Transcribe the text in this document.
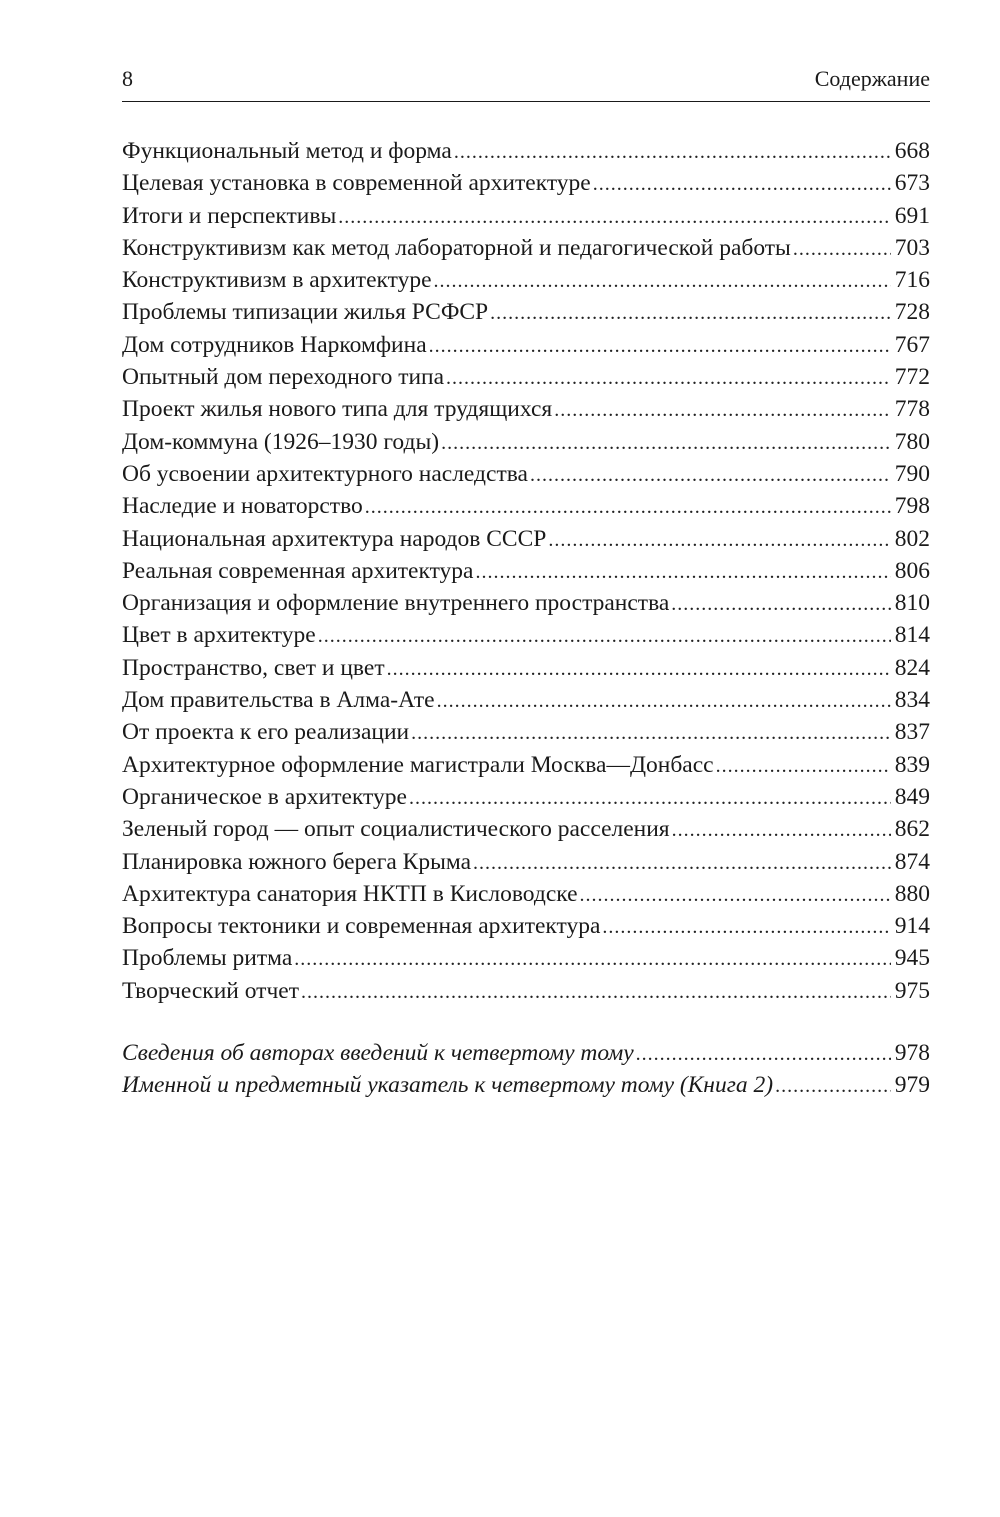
8	Содержание
Функциональный метод и форма .....	668
Целевая установка в современной архитектуре .....	673
Итоги и перспективы .....	691
Конструктивизм как метод лабораторной и педагогической работы .....	703
Конструктивизм в архитектуре .....	716
Проблемы типизации жилья РСФСР .....	728
Дом сотрудников Наркомфина .....	767
Опытный дом переходного типа .....	772
Проект жилья нового типа для трудящихся .....	778
Дом-коммуна (1926–1930 годы) .....	780
Об усвоении архитектурного наследства .....	790
Наследие и новаторство .....	798
Национальная архитектура народов СССР .....	802
Реальная современная архитектура .....	806
Организация и оформление внутреннего пространства .....	810
Цвет в архитектуре .....	814
Пространство, свет и цвет .....	824
Дом правительства в Алма-Ате .....	834
От проекта к его реализации .....	837
Архитектурное оформление магистрали Москва—Донбасс .....	839
Органическое в архитектуре .....	849
Зеленый город — опыт социалистического расселения .....	862
Планировка южного берега Крыма .....	874
Архитектура санатория НКТП в Кисловодске .....	880
Вопросы тектоники и современная архитектура .....	914
Проблемы ритма .....	945
Творческий отчет .....	975
Сведения об авторах введений к четвертому тому .....	978
Именной и предметный указатель к четвертому тому (Книга 2) .....	979
